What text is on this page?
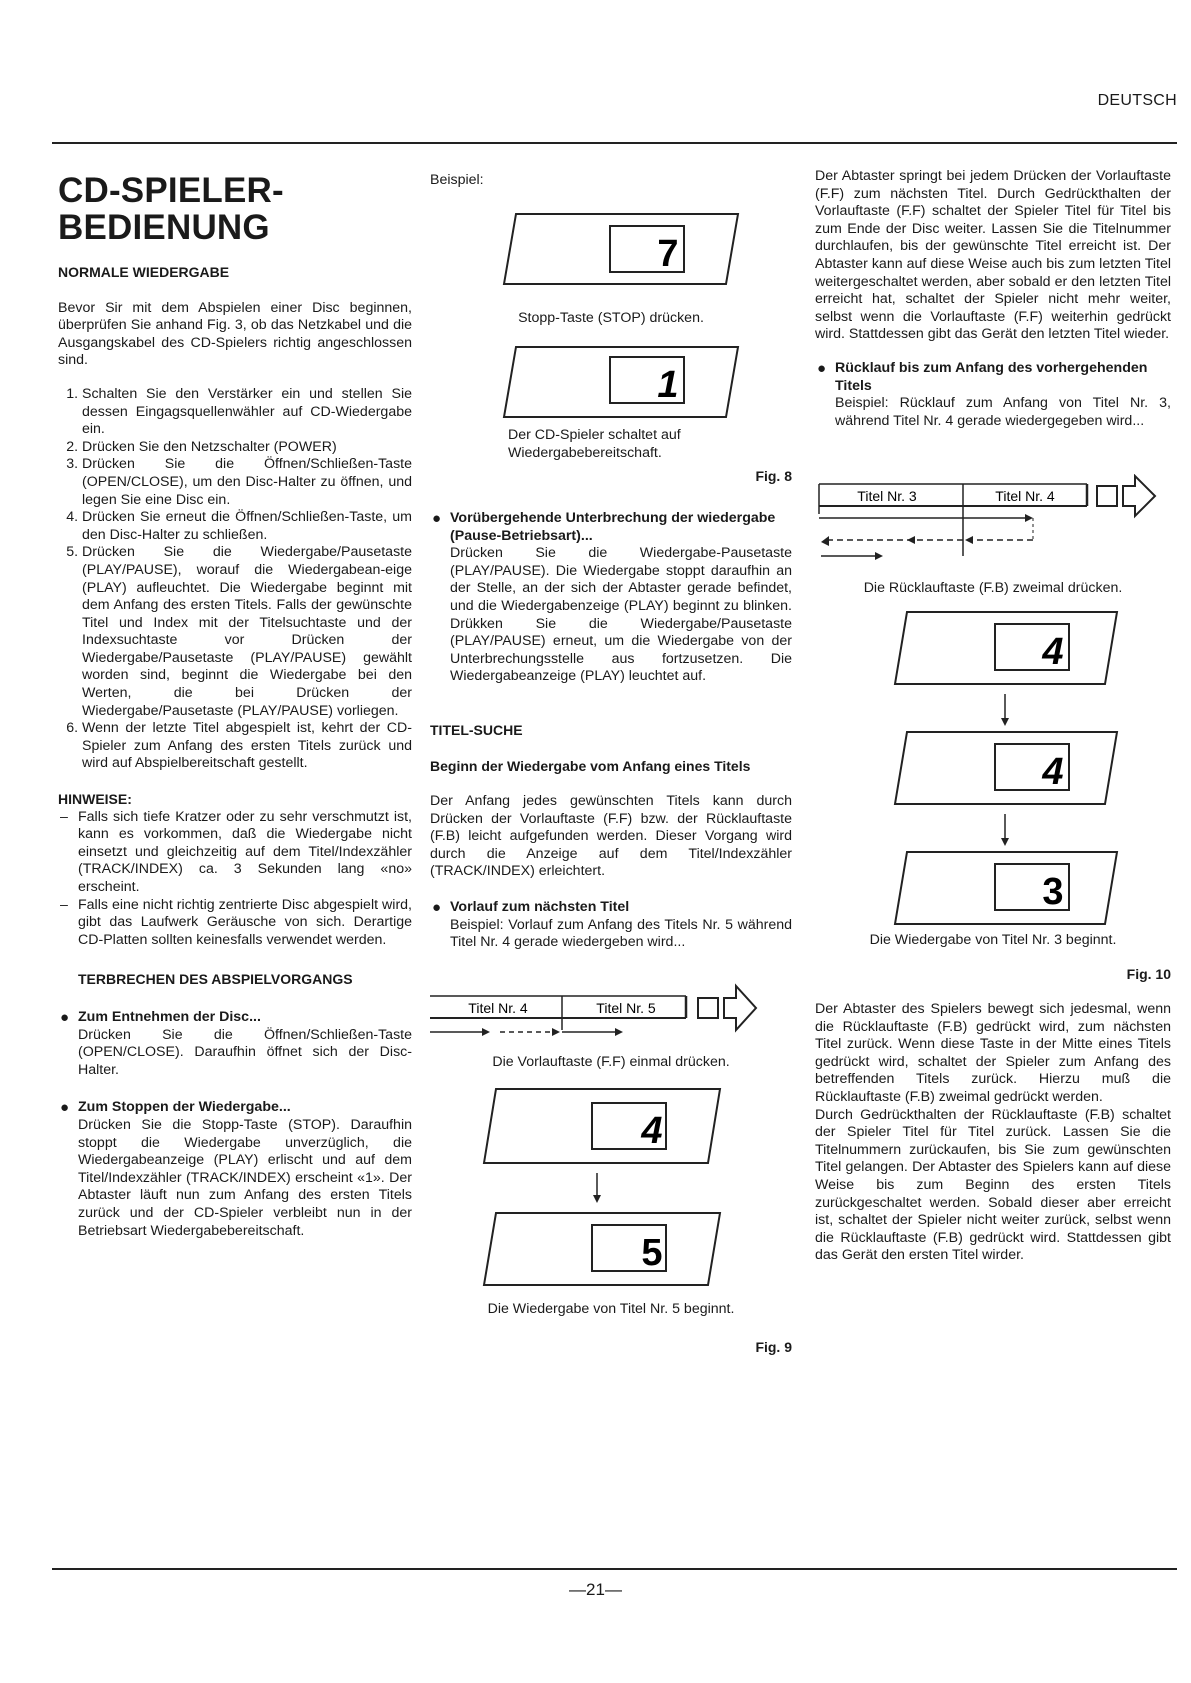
DEUTSCH
CD-SPIELER-
BEDIENUNG

NORMALE WIEDERGABE

Bevor Sir mit dem Abspielen einer Disc beginnen, überprüfen Sie anhand Fig. 3, ob das Netzkabel und die Ausgangskabel des CD-Spielers richtig angeschlossen sind.

1. Schalten Sie den Verstärker ein und stellen Sie dessen Eingagsquellenwähler auf CD-Wiedergabe ein.
2. Drücken Sie den Netzschalter (POWER)
3. Drücken Sie die Öffnen/Schließen-Taste (OPEN/CLOSE), um den Disc-Halter zu öffnen, und legen Sie eine Disc ein.
4. Drücken Sie erneut die Öffnen/Schließen-Taste, um den Disc-Halter zu schließen.
5. Drücken Sie die Wiedergabe/Pausetaste (PLAY/PAUSE), worauf die Wiedergabean-eige (PLAY) aufleuchtet. Die Wiedergabe beginnt mit dem Anfang des ersten Titels. Falls der gewünschte Titel und Index mit der Titelsuchtaste und der Indexsuchtaste vor Drücken der Wiedergabe/Pausetaste (PLAY/PAUSE) gewählt worden sind, beginnt die Wiedergabe bei den Werten, die bei Drücken der Wiedergabe/Pausetaste (PLAY/PAUSE) vorliegen.
6. Wenn der letzte Titel abgespielt ist, kehrt der CD-Spieler zum Anfang des ersten Titels zurück und wird auf Abspielbereitschaft gestellt.

HINWEISE:

– Falls sich tiefe Kratzer oder zu sehr verschmutzt ist, kann es vorkommen, daß die Wiedergabe nicht einsetzt und gleichzeitig auf dem Titel/Indexzähler (TRACK/INDEX) ca. 3 Sekunden lang «no» erscheint.
– Falls eine nicht richtig zentrierte Disc abgespielt wird, gibt das Laufwerk Geräusche von sich. Derartige CD-Platten sollten keinesfalls verwendet werden.

TERBRECHEN DES ABSPIELVORGANGS

● Zum Entnehmen der Disc...

Drücken Sie die Öffnen/Schließen-Taste (OPEN/CLOSE). Daraufhin öffnet sich der Disc-Halter.

● Zum Stoppen der Wiedergabe...

Drücken Sie die Stopp-Taste (STOP). Daraufhin stoppt die Wiedergabe unverzüglich, die Wiedergabeanzeige (PLAY) erlischt und auf dem Titel/Indexzähler (TRACK/INDEX) erscheint «1». Der Abtaster läuft nun zum Anfang des ersten Titels zurück und der CD-Spieler verbleibt nun in der Betriebsart Wiedergabebereitschaft.

Beispiel:

7

Stopp-Taste (STOP) drücken.

1

Der CD-Spieler schaltet auf Wiedergabebereitschaft.

Fig. 8

● Vorübergehende Unterbrechung der wiedergabe (Pause-Betriebsart)...

Drücken Sie die Wiedergabe-Pausetaste (PLAY/PAUSE). Die Wiedergabe stoppt daraufhin an der Stelle, an der sich der Abtaster gerade befindet, und die Wiedergabenzeige (PLAY) beginnt zu blinken. Drükken Sie die Wiedergabe/Pausetaste (PLAY/PAUSE) erneut, um die Wiedergabe von der Unterbrechungsstelle aus fortzusetzen. Die Wiedergabeanzeige (PLAY) leuchtet auf.

TITEL-SUCHE

Beginn der Wiedergabe vom Anfang eines Titels

Der Anfang jedes gewünschten Titels kann durch Drücken der Vorlauftaste (F.F) bzw. der Rücklauftaste (F.B) leicht aufgefunden werden. Dieser Vorgang wird durch die Anzeige auf dem Titel/Indexzähler (TRACK/INDEX) erleichtert.

● Vorlauf zum nächsten Titel

Beispiel: Vorlauf zum Anfang des Titels Nr. 5 während Titel Nr. 4 gerade wiedergeben wird...

Titel Nr. 4	Titel Nr. 5

Die Vorlauftaste (F.F) einmal drücken.

4
5

Die Wiedergabe von Titel Nr. 5 beginnt.

Fig. 9

Der Abtaster springt bei jedem Drücken der Vorlauftaste (F.F) zum nächsten Titel. Durch Gedrückthalten der Vorlauftaste (F.F) schaltet der Spieler Titel für Titel bis zum Ende der Disc weiter. Lassen Sie die Titelnummer durchlaufen, bis der gewünschte Titel erreicht ist. Der Abtaster kann auf diese Weise auch bis zum letzten Titel weitergeschaltet werden, aber sobald er den letzten Titel erreicht hat, schaltet der Spieler nicht mehr weiter, selbst wenn die Vorlauftaste (F.F) weiterhin gedrückt wird. Stattdessen gibt das Gerät den letzten Titel wieder.

● Rücklauf bis zum Anfang des vorhergehenden Titels

Beispiel: Rücklauf zum Anfang von Titel Nr. 3, während Titel Nr. 4 gerade wiedergegeben wird...

Titel Nr. 3	Titel Nr. 4

Die Rücklauftaste (F.B) zweimal drücken.

4
4
3

Die Wiedergabe von Titel Nr. 3 beginnt.

Fig. 10

Der Abtaster des Spielers bewegt sich jedesmal, wenn die Rücklauftaste (F.B) gedrückt wird, zum nächsten Titel zurück. Wenn diese Taste in der Mitte eines Titels gedrückt wird, schaltet der Spieler zum Anfang des betreffenden Titels zurück. Hierzu muß die Rücklauftaste (F.B) zweimal gedrückt werden.

Durch Gedrückthalten der Rücklauftaste (F.B) schaltet der Spieler Titel für Titel zurück. Lassen Sie die Titelnummern zurückaufen, bis Sie zum gewünschten Titel gelangen. Der Abtaster des Spielers kann auf diese Weise bis zum Beginn des ersten Titels zurückgeschaltet werden. Sobald dieser aber erreicht ist, schaltet der Spieler nicht weiter zurück, selbst wenn die Rücklauftaste (F.B) gedrückt wird. Stattdessen gibt das Gerät den ersten Titel wirder.

—21—
